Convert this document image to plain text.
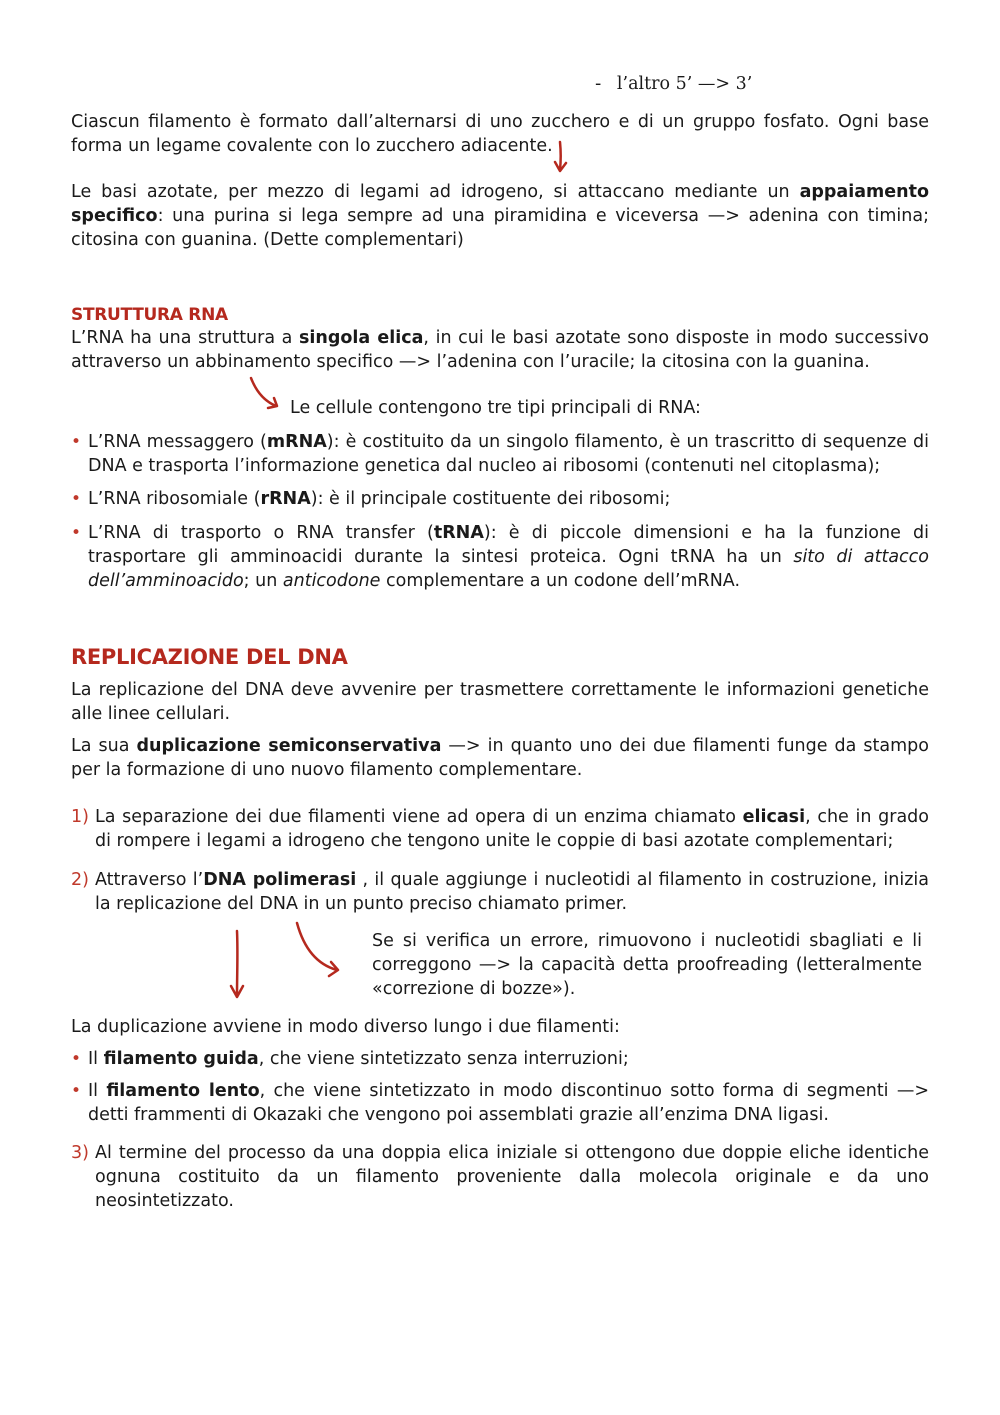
- l’altro 5’ —> 3’

Ciascun filamento è formato dall’alternarsi di uno zucchero e di un gruppo fosfato. Ogni base forma un legame covalente con lo zucchero adiacente.

Le basi azotate, per mezzo di legami ad idrogeno, si attaccano mediante un appaiamento specifico: una purina si lega sempre ad una piramidina e viceversa —> adenina con timina; citosina con guanina. (Dette complementari)

STRUTTURA RNA

L’RNA ha una struttura a singola elica, in cui le basi azotate sono disposte in modo successivo attraverso un abbinamento specifico —> l’adenina con l’uracile; la citosina con la guanina.

Le cellule contengono tre tipi principali di RNA:
• L’RNA messaggero (mRNA): è costituito da un singolo filamento, è un trascritto di sequenze di DNA e trasporta l’informazione genetica dal nucleo ai ribosomi (contenuti nel citoplasma);
• L’RNA ribosomiale (rRNA): è il principale costituente dei ribosomi;
• L’RNA di trasporto o RNA transfer (tRNA): è di piccole dimensioni e ha la funzione di trasportare gli amminoacidi durante la sintesi proteica. Ogni tRNA ha un sito di attacco dell’amminoacido; un anticodone complementare a un codone dell’mRNA.
REPLICAZIONE DEL DNA

La replicazione del DNA deve avvenire per trasmettere correttamente le informazioni genetiche alle linee cellulari.

La sua duplicazione semiconservativa —> in quanto uno dei due filamenti funge da stampo per la formazione di uno nuovo filamento complementare.

1) La separazione dei due filamenti viene ad opera di un enzima chiamato elicasi, che in grado di rompere i legami a idrogeno che tengono unite le coppie di basi azotate complementari;
2) Attraverso l’DNA polimerasi , il quale aggiunge i nucleotidi al filamento in costruzione, inizia la replicazione del DNA in un punto preciso chiamato primer.

Se si verifica un errore, rimuovono i nucleotidi sbagliati e li correggono —> la capacità detta proofreading (letteralmente «correzione di bozze»).

La duplicazione avviene in modo diverso lungo i due filamenti:
• Il filamento guida, che viene sintetizzato senza interruzioni;
• Il filamento lento, che viene sintetizzato in modo discontinuo sotto forma di segmenti —> detti frammenti di Okazaki che vengono poi assemblati grazie all’enzima DNA ligasi.
3) Al termine del processo da una doppia elica iniziale si ottengono due doppie eliche identiche ognuna costituito da un filamento proveniente dalla molecola originale e da uno neosintetizzato.
